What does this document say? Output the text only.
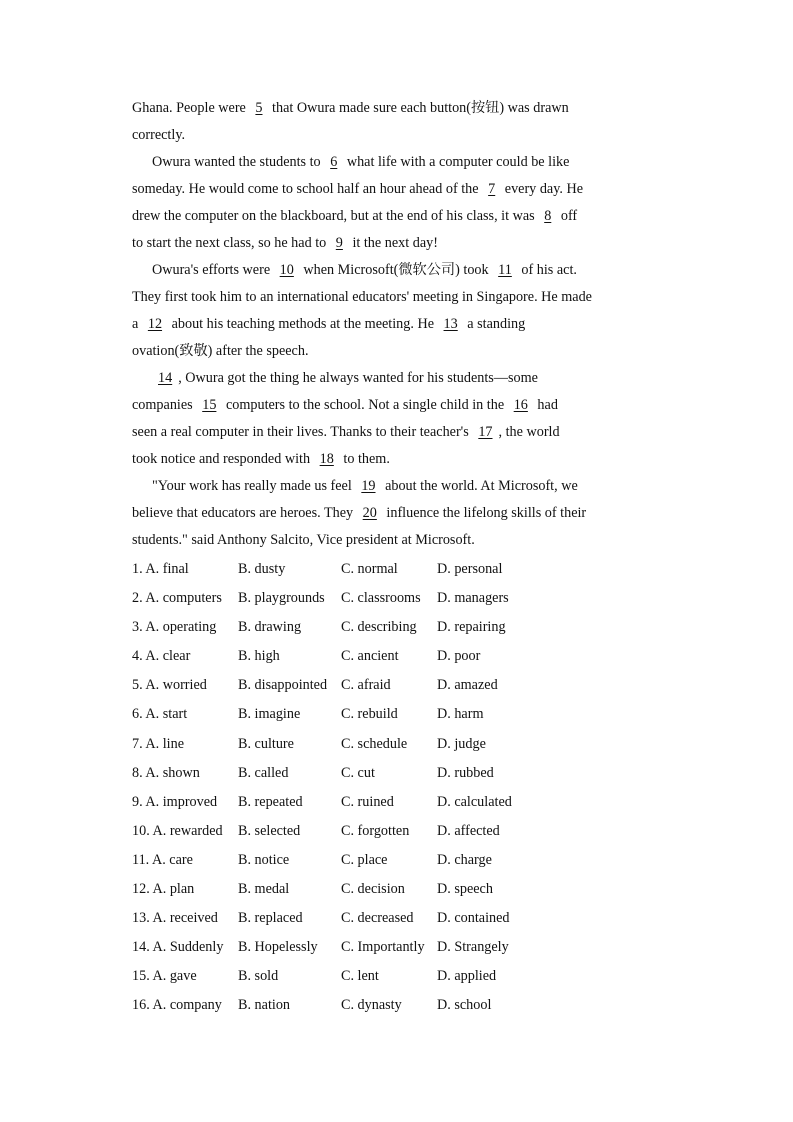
Ghana. People were 5 that Owura made sure each button(按钮) was drawn
correctly.

Owura wanted the students to 6 what life with a computer could be like
someday. He would come to school half an hour ahead of the 7 every day. He
drew the computer on the blackboard, but at the end of his class, it was 8 off
to start the next class, so he had to 9 it the next day!

Owura's efforts were 10 when Microsoft(微软公司) took 11 of his act.
They first took him to an international educators' meeting in Singapore. He made
a 12 about his teaching methods at the meeting. He 13 a standing
ovation(致敬) after the speech.

14 , Owura got the thing he always wanted for his students—some
companies 15 computers to the school. Not a single child in the 16 had
seen a real computer in their lives. Thanks to their teacher's 17 , the world
took notice and responded with 18 to them.

"Your work has really made us feel 19 about the world. At Microsoft, we
believe that educators are heroes. They 20 influence the lifelong skills of their
students." said Anthony Salcito, Vice president at Microsoft.

1. A. final	B. dusty	C. normal	D. personal
2. A. computers B. playgrounds C. classrooms D. managers
3. A. operating B. drawing	C. describing D. repairing
4. A. clear	B. high	C. ancient	D. poor
5. A. worried B. disappointed C. afraid	D. amazed
6. A. start	B. imagine	C. rebuild	D. harm
7. A. line	B. culture	C. schedule D. judge
8. A. shown	B. called	C. cut	D. rubbed
9. A. improved B. repeated	C. ruined	D. calculated
10. A. rewarded B. selected	C. forgotten D. affected
11. A. care	B. notice	C. place	D. charge
12. A. plan	B. medal	C. decision D. speech
13. A. received B. replaced	C. decreased D. contained
14. A. Suddenly B. Hopelessly C. Importantly D. Strangely
15. A. gave	B. sold	C. lent	D. applied
16. A. company B. nation	C. dynasty D. school
